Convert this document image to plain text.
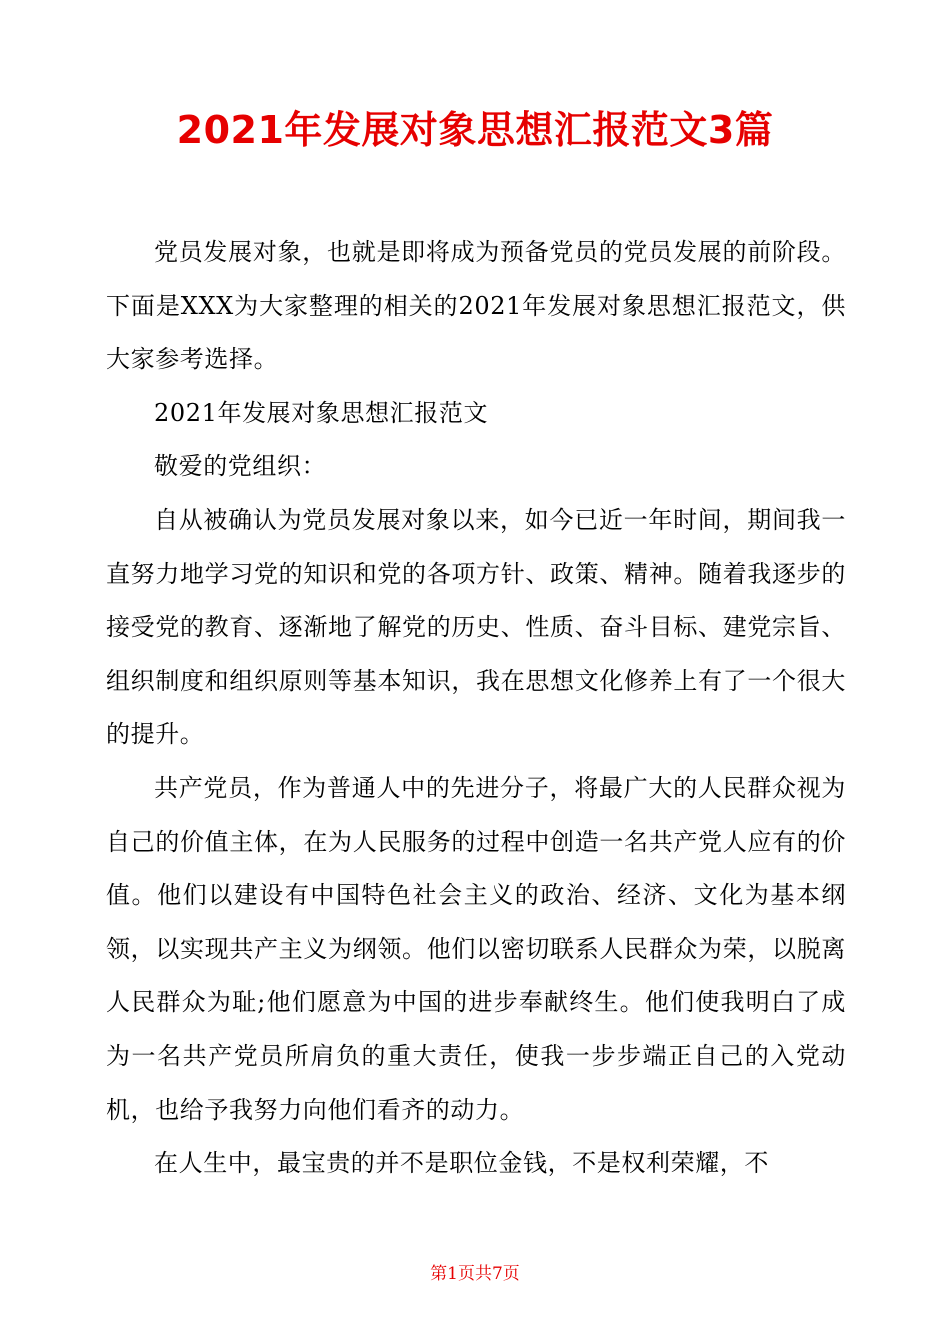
2021年发展对象思想汇报范文3篇

党员发展对象，也就是即将成为预备党员的党员发展的前阶段。下面是XXX为大家整理的相关的2021年发展对象思想汇报范文，供大家参考选择。

2021年发展对象思想汇报范文

敬爱的党组织：

自从被确认为党员发展对象以来，如今已近一年时间，期间我一直努力地学习党的知识和党的各项方针、政策、精神。随着我逐步的接受党的教育、逐渐地了解党的历史、性质、奋斗目标、建党宗旨、组织制度和组织原则等基本知识，我在思想文化修养上有了一个很大的提升。

共产党员，作为普通人中的先进分子，将最广大的人民群众视为自己的价值主体，在为人民服务的过程中创造一名共产党人应有的价值。他们以建设有中国特色社会主义的政治、经济、文化为基本纲领，以实现共产主义为纲领。他们以密切联系人民群众为荣，以脱离人民群众为耻;他们愿意为中国的进步奉献终生。他们使我明白了成为一名共产党员所肩负的重大责任，使我一步步端正自己的入党动机，也给予我努力向他们看齐的动力。

在人生中，最宝贵的并不是职位金钱，不是权利荣耀，不

第1页共7页
